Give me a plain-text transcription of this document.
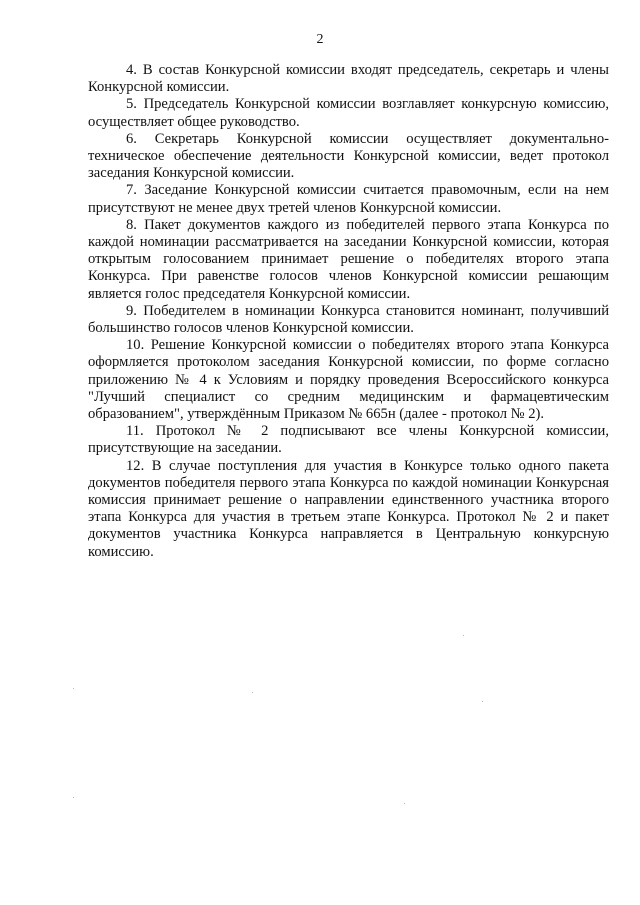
2

4. В состав Конкурсной комиссии входят председатель, секретарь и члены Конкурсной комиссии.

5. Председатель Конкурсной комиссии возглавляет конкурсную комиссию, осуществляет общее руководство.

6. Секретарь Конкурсной комиссии осуществляет документально-техническое обеспечение деятельности Конкурсной комиссии, ведет протокол заседания Конкурсной комиссии.

7. Заседание Конкурсной комиссии считается правомочным, если на нем присутствуют не менее двух третей членов Конкурсной комиссии.

8. Пакет документов каждого из победителей первого этапа Конкурса по каждой номинации рассматривается на заседании Конкурсной комиссии, которая открытым голосованием принимает решение о победителях второго этапа Конкурса. При равенстве голосов членов Конкурсной комиссии решающим является голос председателя Конкурсной комиссии.

9. Победителем в номинации Конкурса становится номинант, получивший большинство голосов членов Конкурсной комиссии.

10. Решение Конкурсной комиссии о победителях второго этапа Конкурса оформляется протоколом заседания Конкурсной комиссии, по форме согласно приложению № 4 к Условиям и порядку проведения Всероссийского конкурса "Лучший специалист со средним медицинским и фармацевтическим образованием", утверждённым Приказом № 665н (далее - протокол № 2).

11. Протокол № 2 подписывают все члены Конкурсной комиссии, присутствующие на заседании.

12. В случае поступления для участия в Конкурсе только одного пакета документов победителя первого этапа Конкурса по каждой номинации Конкурсная комиссия принимает решение о направлении единственного участника второго этапа Конкурса для участия в третьем этапе Конкурса. Протокол № 2 и пакет документов участника Конкурса направляется в Центральную конкурсную комиссию.
